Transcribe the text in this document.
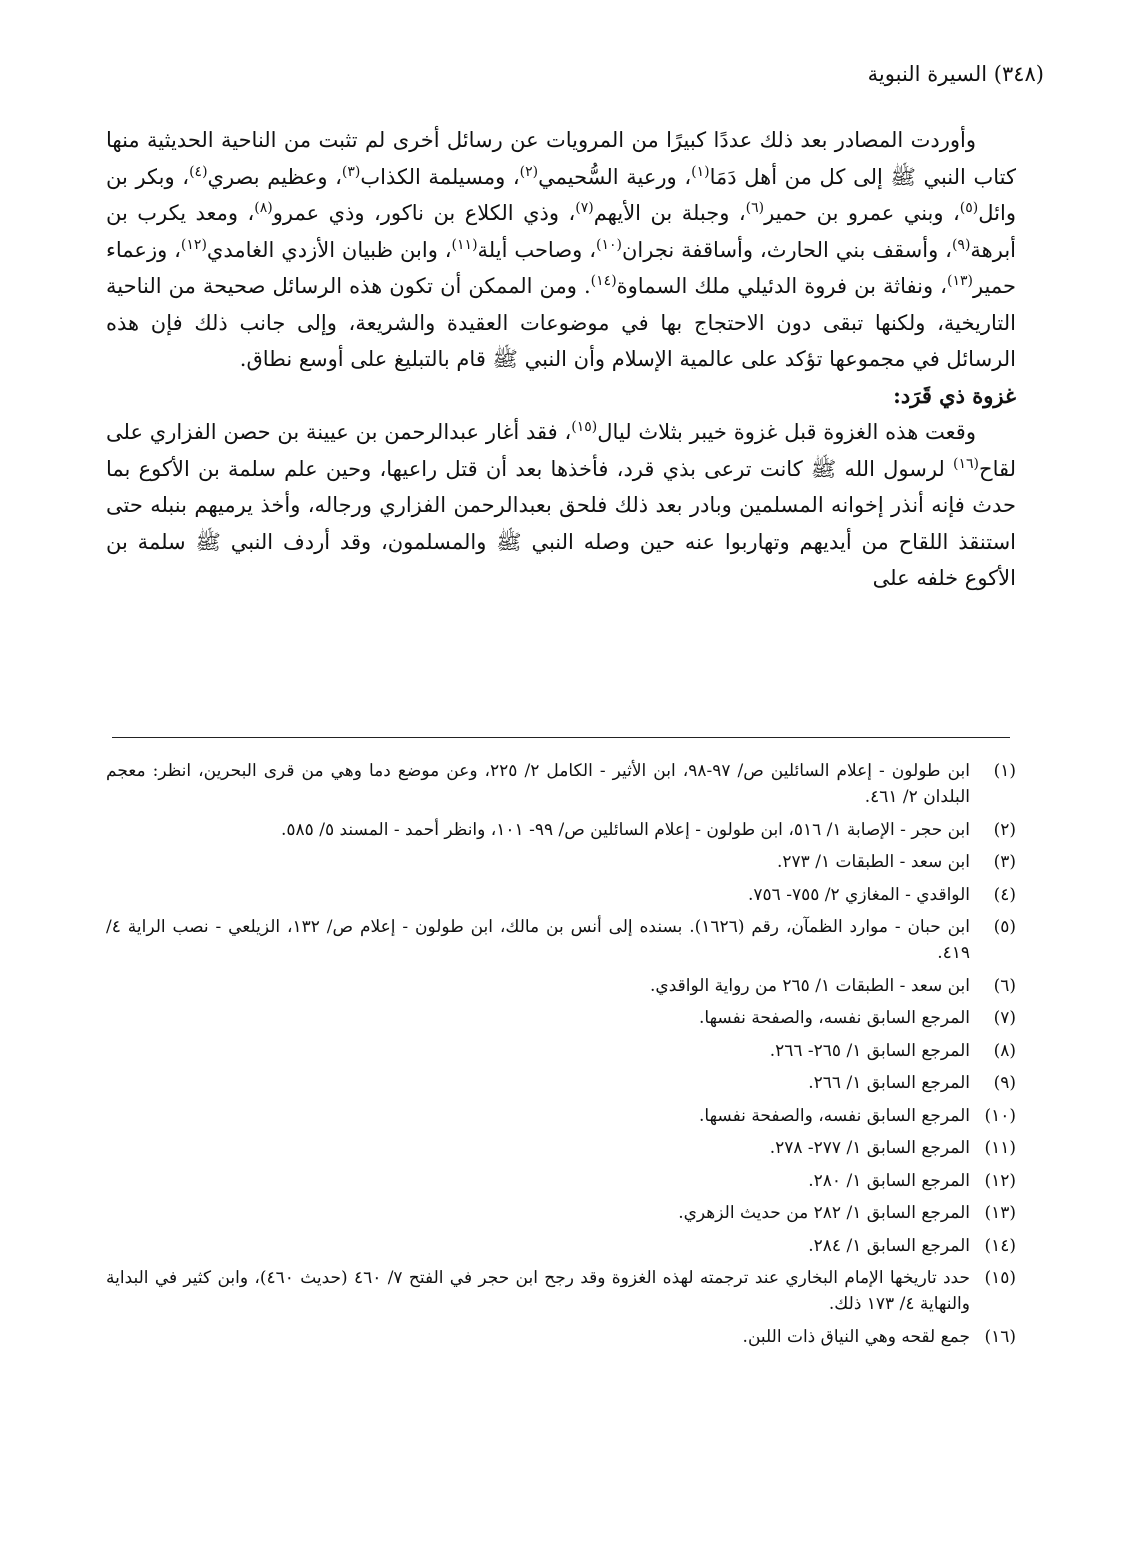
(٣٤٨) السيرة النبوية

وأوردت المصادر بعد ذلك عددًا كبيرًا من المرويات عن رسائل أخرى لم تثبت من الناحية الحديثية منها كتاب النبي ﷺ إلى كل من أهل دَمَا$^{(١)}$، ورعية السُّحيمي$^{(٢)}$، ومسيلمة الكذاب$^{(٣)}$، وعظيم بصري$^{(٤)}$، وبكر بن وائل$^{(٥)}$، وبني عمرو بن حمير$^{(٦)}$، وجبلة بن الأيهم$^{(٧)}$، وذي الكلاع بن ناكور، وذي عمرو$^{(٨)}$، ومعد يكرب بن أبرهة$^{(٩)}$، وأسقف بني الحارث، وأساقفة نجران$^{(١٠)}$، وصاحب أيلة$^{(١١)}$، وابن ظبيان الأزدي الغامدي$^{(١٢)}$، وزعماء حمير$^{(١٣)}$، ونفاثة بن فروة الدئيلي ملك السماوة$^{(١٤)}$. ومن الممكن أن تكون هذه الرسائل صحيحة من الناحية التاريخية، ولكنها تبقى دون الاحتجاج بها في موضوعات العقيدة والشريعة، وإلى جانب ذلك فإن هذه الرسائل في مجموعها تؤكد على عالمية الإسلام وأن النبي ﷺ قام بالتبليغ على أوسع نطاق.

غزوة ذي قَرَد:

وقعت هذه الغزوة قبل غزوة خيبر بثلاث ليال$^{(١٥)}$، فقد أغار عبدالرحمن بن عيينة بن حصن الفزاري على لقاح$^{(١٦)}$ لرسول الله ﷺ كانت ترعى بذي قرد، فأخذها بعد أن قتل راعيها، وحين علم سلمة بن الأكوع بما حدث فإنه أنذر إخوانه المسلمين وبادر بعد ذلك فلحق بعبدالرحمن الفزاري ورجاله، وأخذ يرميهم بنبله حتى استنقذ اللقاح من أيديهم وتهاربوا عنه حين وصله النبي ﷺ والمسلمون، وقد أردف النبي ﷺ سلمة بن الأكوع خلفه على

(١)
ابن طولون - إعلام السائلين ص/ ٩٧-٩٨، ابن الأثير - الكامل ٢/ ٢٢٥، وعن موضع دما وهي من قرى البحرين، انظر: معجم البلدان ٢/ ٤٦١.
(٢)
ابن حجر - الإصابة ١/ ٥١٦، ابن طولون - إعلام السائلين ص/ ٩٩- ١٠١، وانظر أحمد - المسند ٥/ ٥٨٥.
(٣)
ابن سعد - الطبقات ١/ ٢٧٣.
(٤)
الواقدي - المغازي ٢/ ٧٥٥- ٧٥٦.
(٥)
ابن حبان - موارد الظمآن، رقم (١٦٢٦). بسنده إلى أنس بن مالك، ابن طولون - إعلام ص/ ١٣٢، الزيلعي - نصب الراية ٤/ ٤١٩.
(٦)
ابن سعد - الطبقات ١/ ٢٦٥ من رواية الواقدي.
(٧)
المرجع السابق نفسه، والصفحة نفسها.
(٨)
المرجع السابق ١/ ٢٦٥- ٢٦٦.
(٩)
المرجع السابق ١/ ٢٦٦.
(١٠)
المرجع السابق نفسه، والصفحة نفسها.
(١١)
المرجع السابق ١/ ٢٧٧- ٢٧٨.
(١٢)
المرجع السابق ١/ ٢٨٠.
(١٣)
المرجع السابق ١/ ٢٨٢ من حديث الزهري.
(١٤)
المرجع السابق ١/ ٢٨٤.
(١٥)
حدد تاريخها الإمام البخاري عند ترجمته لهذه الغزوة وقد رجح ابن حجر في الفتح ٧/ ٤٦٠ (حديث ٤٦٠)، وابن كثير في البداية والنهاية ٤/ ١٧٣ ذلك.
(١٦)
جمع لقحه وهي النياق ذات اللبن.
